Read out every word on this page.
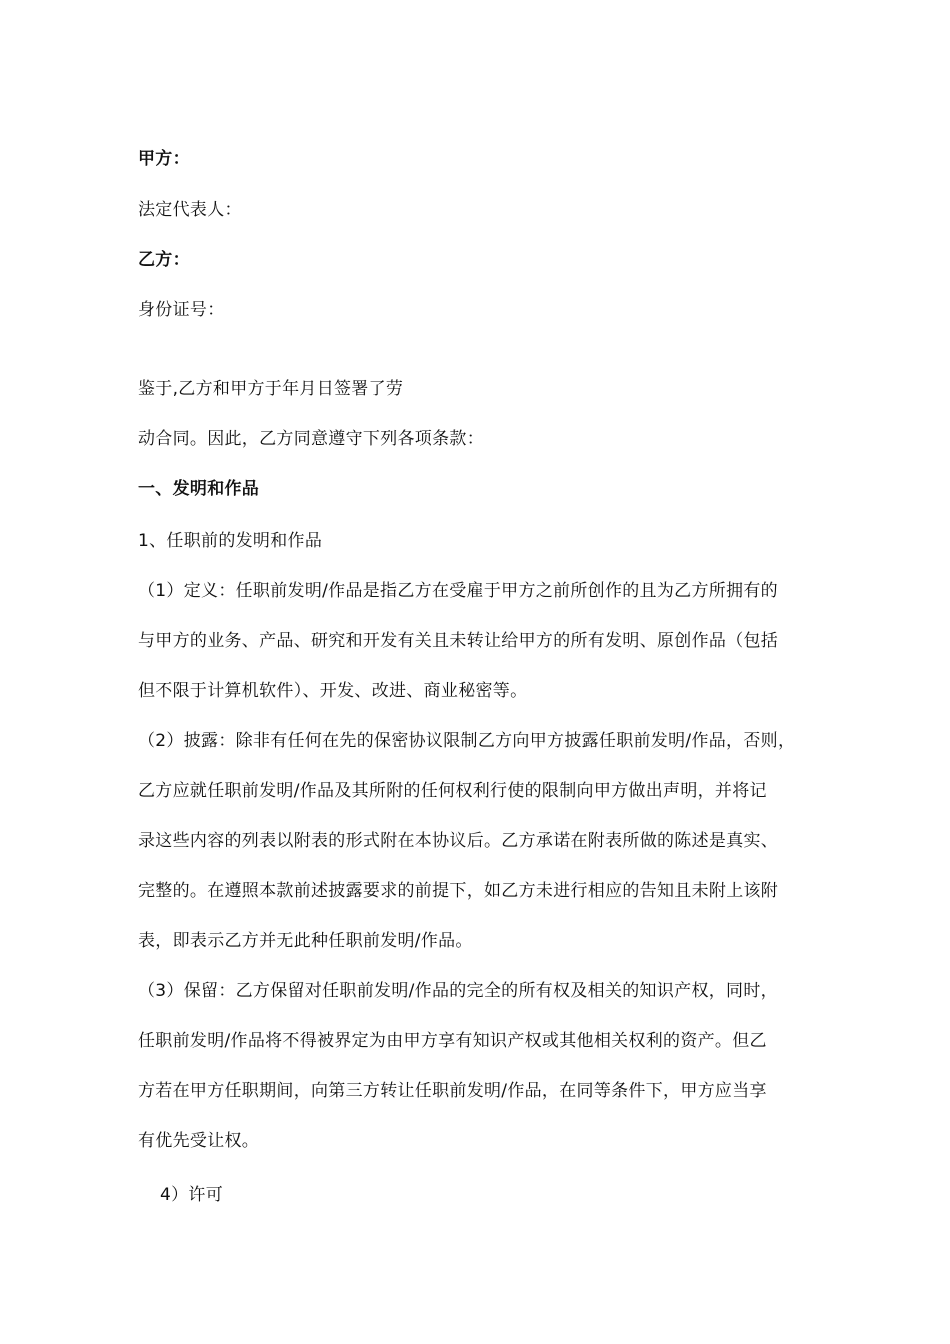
甲方：
法定代表人：
乙方：
身份证号：
鉴于,乙方和甲方于年月日签署了劳
动合同。因此，乙方同意遵守下列各项条款：
一、发明和作品
1、任职前的发明和作品
（1）定义：任职前发明/作品是指乙方在受雇于甲方之前所创作的且为乙方所拥有的
与甲方的业务、产品、研究和开发有关且未转让给甲方的所有发明、原创作品（包括
但不限于计算机软件）、开发、改进、商业秘密等。
（2）披露：除非有任何在先的保密协议限制乙方向甲方披露任职前发明/作品，否则，
乙方应就任职前发明/作品及其所附的任何权利行使的限制向甲方做出声明，并将记
录这些内容的列表以附表的形式附在本协议后。乙方承诺在附表所做的陈述是真实、
完整的。在遵照本款前述披露要求的前提下，如乙方未进行相应的告知且未附上该附
表，即表示乙方并无此种任职前发明/作品。
（3）保留：乙方保留对任职前发明/作品的完全的所有权及相关的知识产权，同时，
任职前发明/作品将不得被界定为由甲方享有知识产权或其他相关权利的资产。但乙
方若在甲方任职期间，向第三方转让任职前发明/作品，在同等条件下，甲方应当享
有优先受让权。
4）许可
